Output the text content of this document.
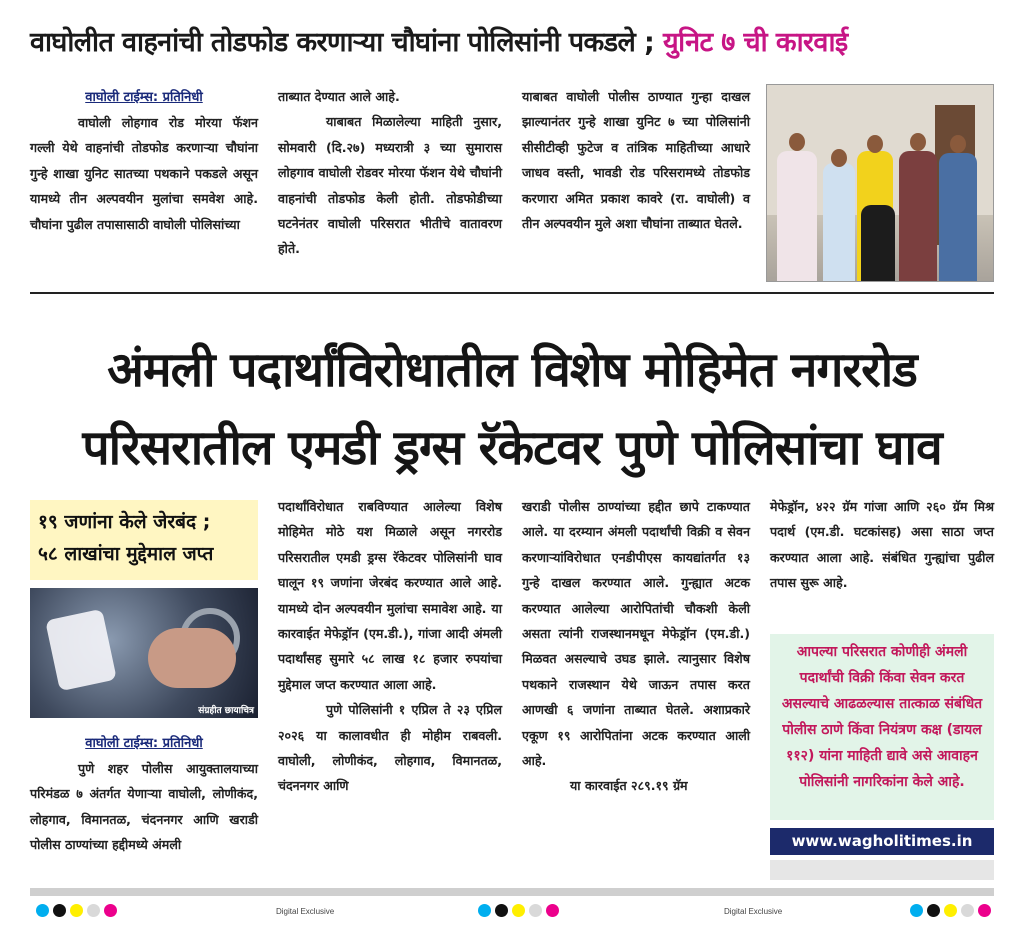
वाघोलीत वाहनांची तोडफोड करणाऱ्या चौघांना पोलिसांनी पकडले ; युनिट ७ ची कारवाई
वाघोली टाईम्स: प्रतिनिधी

वाघोली लोहगाव रोड मोरया फॅशन गल्ली येथे वाहनांची तोडफोड करणाऱ्या चौघांना गुन्हे शाखा युनिट सातच्या पथकाने पकडले असून यामध्ये तीन अल्पवयीन मुलांचा समवेश आहे. चौघांना पुढील तपासासाठी वाघोली पोलिसांच्या

ताब्यात देण्यात आले आहे.

याबाबत मिळालेल्या माहिती नुसार, सोमवारी (दि.२७) मध्यरात्री ३ च्या सुमारास लोहगाव वाघोली रोडवर मोरया फॅशन येथे चौघांनी वाहनांची तोडफोड केली होती. तोडफोडीच्या घटनेनंतर वाघोली परिसरात भीतीचे वातावरण होते.

याबाबत वाघोली पोलीस ठाण्यात गुन्हा दाखल झाल्यानंतर गुन्हे शाखा युनिट ७ च्या पोलिसांनी सीसीटीव्ही फुटेज व तांत्रिक माहितीच्या आधारे जाधव वस्ती, भावडी रोड परिसरामध्ये तोडफोड करणारा अमित प्रकाश कावरे (रा. वाघोली) व तीन अल्पवयीन मुले अशा चौघांना ताब्यात घेतले.

अंमली पदार्थांविरोधातील विशेष मोहिमेत नगररोड
परिसरातील एमडी ड्रग्स रॅकेटवर पुणे पोलिसांचा घाव
१९ जणांना केले जेरबंद ;
५८ लाखांचा मुद्देमाल जप्त
संग्रहीत छायाचित्र
वाघोली टाईम्स: प्रतिनिधी

पुणे शहर पोलीस आयुक्तालयाच्या परिमंडळ ७ अंतर्गत येणाऱ्या वाघोली, लोणीकंद, लोहगाव, विमानतळ, चंदननगर आणि खराडी पोलीस ठाण्यांच्या हद्दीमध्ये अंमली

पदार्थांविरोधात राबविण्यात आलेल्या विशेष मोहिमेत मोठे यश मिळाले असून नगररोड परिसरातील एमडी ड्रग्स रॅकेटवर पोलिसांनी घाव घालून १९ जणांना जेरबंद करण्यात आले आहे. यामध्ये दोन अल्पवयीन मुलांचा समावेश आहे. या कारवाईत मेफेड्रॉन (एम.डी.), गांजा आदी अंमली पदार्थांसह सुमारे ५८ लाख १८ हजार रुपयांचा मुद्देमाल जप्त करण्यात आला आहे.

पुणे पोलिसांनी १ एप्रिल ते २३ एप्रिल २०२६ या कालावधीत ही मोहीम राबवली. वाघोली, लोणीकंद, लोहगाव, विमानतळ, चंदननगर आणि

खराडी पोलीस ठाण्यांच्या हद्दीत छापे टाकण्यात आले. या दरम्यान अंमली पदार्थांची विक्री व सेवन करणाऱ्यांविरोधात एनडीपीएस कायद्यांतर्गत १३ गुन्हे दाखल करण्यात आले. गुन्ह्यात अटक करण्यात आलेल्या आरोपितांची चौकशी केली असता त्यांनी राजस्थानमधून मेफेड्रॉन (एम.डी.) मिळवत असल्याचे उघड झाले. त्यानुसार विशेष पथकाने राजस्थान येथे जाऊन तपास करत आणखी ६ जणांना ताब्यात घेतले. अशाप्रकारे एकूण १९ आरोपितांना अटक करण्यात आली आहे.

या कारवाईत २८९.१९ ग्रॅम

मेफेड्रॉन, ४२२ ग्रॅम गांजा आणि २६० ग्रॅम मिश्र पदार्थ (एम.डी. घटकांसह) असा साठा जप्त करण्यात आला आहे. संबंधित गुन्ह्यांचा पुढील तपास सुरू आहे.

आपल्या परिसरात कोणीही अंमली पदार्थांची विक्री किंवा सेवन करत असल्याचे आढळल्यास तात्काळ संबंधित पोलीस ठाणे किंवा नियंत्रण कक्ष (डायल ११२) यांना माहिती द्यावे असे आवाहन पोलिसांनी नागरिकांना केले आहे.
www.wagholitimes.in
Digital Exclusive	Digital Exclusive
